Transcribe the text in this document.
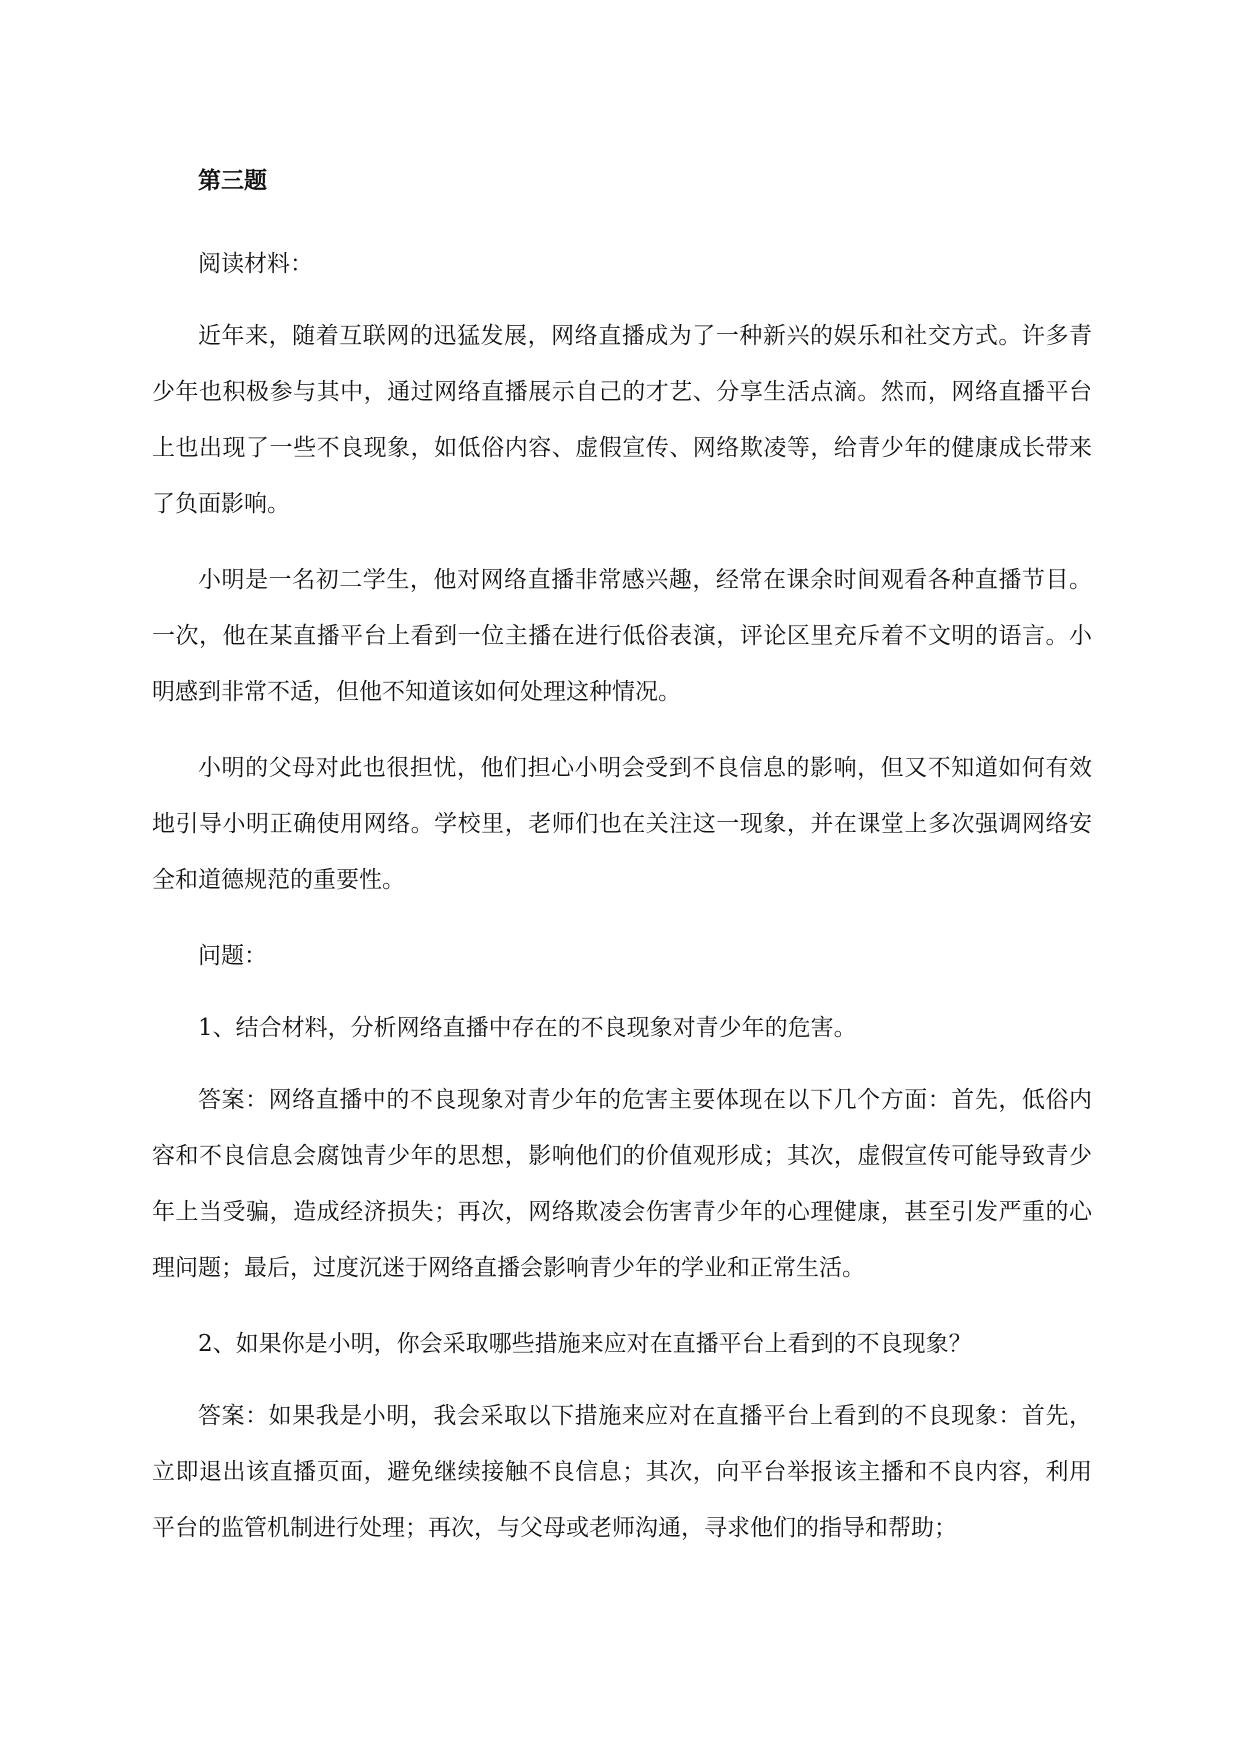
第三题

阅读材料：

近年来，随着互联网的迅猛发展，网络直播成为了一种新兴的娱乐和社交方式。许多青少年也积极参与其中，通过网络直播展示自己的才艺、分享生活点滴。然而，网络直播平台上也出现了一些不良现象，如低俗内容、虚假宣传、网络欺凌等，给青少年的健康成长带来了负面影响。

小明是一名初二学生，他对网络直播非常感兴趣，经常在课余时间观看各种直播节目。一次，他在某直播平台上看到一位主播在进行低俗表演，评论区里充斥着不文明的语言。小明感到非常不适，但他不知道该如何处理这种情况。

小明的父母对此也很担忧，他们担心小明会受到不良信息的影响，但又不知道如何有效地引导小明正确使用网络。学校里，老师们也在关注这一现象，并在课堂上多次强调网络安全和道德规范的重要性。

问题：

1、结合材料，分析网络直播中存在的不良现象对青少年的危害。

答案：网络直播中的不良现象对青少年的危害主要体现在以下几个方面：首先，低俗内容和不良信息会腐蚀青少年的思想，影响他们的价值观形成；其次，虚假宣传可能导致青少年上当受骗，造成经济损失；再次，网络欺凌会伤害青少年的心理健康，甚至引发严重的心理问题；最后，过度沉迷于网络直播会影响青少年的学业和正常生活。

2、如果你是小明，你会采取哪些措施来应对在直播平台上看到的不良现象？

答案：如果我是小明，我会采取以下措施来应对在直播平台上看到的不良现象：首先，立即退出该直播页面，避免继续接触不良信息；其次，向平台举报该主播和不良内容，利用平台的监管机制进行处理；再次，与父母或老师沟通，寻求他们的指导和帮助；
